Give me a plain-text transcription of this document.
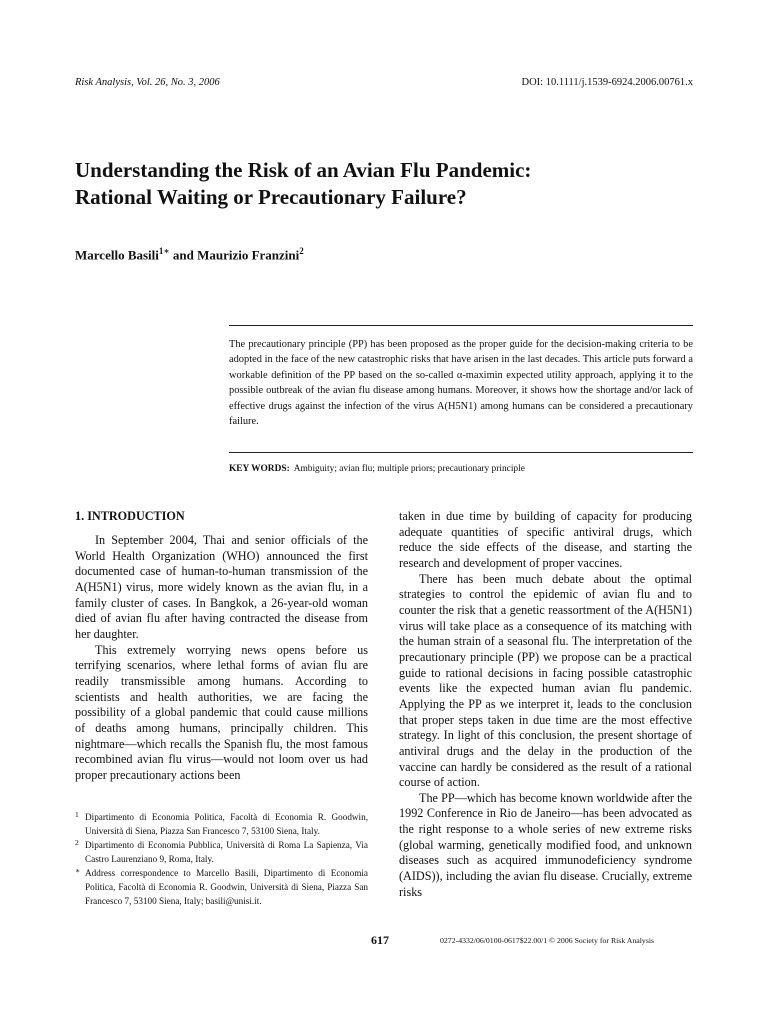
Risk Analysis, Vol. 26, No. 3, 2006	DOI: 10.1111/j.1539-6924.2006.00761.x
Understanding the Risk of an Avian Flu Pandemic:
Rational Waiting or Precautionary Failure?
Marcello Basili$^{1∗}$ and Maurizio Franzini$^2$
The precautionary principle (PP) has been proposed as the proper guide for the decision-making criteria to be adopted in the face of the new catastrophic risks that have arisen in the last decades. This article puts forward a workable definition of the PP based on the so-called α-maximin expected utility approach, applying it to the possible outbreak of the avian flu disease among humans. Moreover, it shows how the shortage and/or lack of effective drugs against the infection of the virus A(H5N1) among humans can be considered a precautionary failure.
KEY WORDS: Ambiguity; avian flu; multiple priors; precautionary principle
1. INTRODUCTION

In September 2004, Thai and senior officials of the World Health Organization (WHO) announced the first documented case of human-to-human transmission of the A(H5N1) virus, more widely known as the avian flu, in a family cluster of cases. In Bangkok, a 26-year-old woman died of avian flu after having contracted the disease from her daughter.

This extremely worrying news opens before us terrifying scenarios, where lethal forms of avian flu are readily transmissible among humans. According to scientists and health authorities, we are facing the possibility of a global pandemic that could cause millions of deaths among humans, principally children. This nightmare—which recalls the Spanish flu, the most famous recombined avian flu virus—would not loom over us had proper precautionary actions been

taken in due time by building of capacity for producing adequate quantities of specific antiviral drugs, which reduce the side effects of the disease, and starting the research and development of proper vaccines.

There has been much debate about the optimal strategies to control the epidemic of avian flu and to counter the risk that a genetic reassortment of the A(H5N1) virus will take place as a consequence of its matching with the human strain of a seasonal flu. The interpretation of the precautionary principle (PP) we propose can be a practical guide to rational decisions in facing possible catastrophic events like the expected human avian flu pandemic. Applying the PP as we interpret it, leads to the conclusion that proper steps taken in due time are the most effective strategy. In light of this conclusion, the present shortage of antiviral drugs and the delay in the production of the vaccine can hardly be considered as the result of a rational course of action.

The PP—which has become known worldwide after the 1992 Conference in Rio de Janeiro—has been advocated as the right response to a whole series of new extreme risks (global warming, genetically modified food, and unknown diseases such as acquired immunodeficiency syndrome (AIDS)), including the avian flu disease. Crucially, extreme risks

1 Dipartimento di Economia Politica, Facoltà di Economia R. Goodwin, Università di Siena, Piazza San Francesco 7, 53100 Siena, Italy.
2 Dipartimento di Economia Pubblica, Università di Roma La Sapienza, Via Castro Laurenziano 9, Roma, Italy.
∗ Address correspondence to Marcello Basili, Dipartimento di Economia Politica, Facoltà di Economia R. Goodwin, Università di Siena, Piazza San Francesco 7, 53100 Siena, Italy; basili@unisi.it.
617	0272-4332/06/0100-0617$22.00/1 © 2006 Society for Risk Analysis
